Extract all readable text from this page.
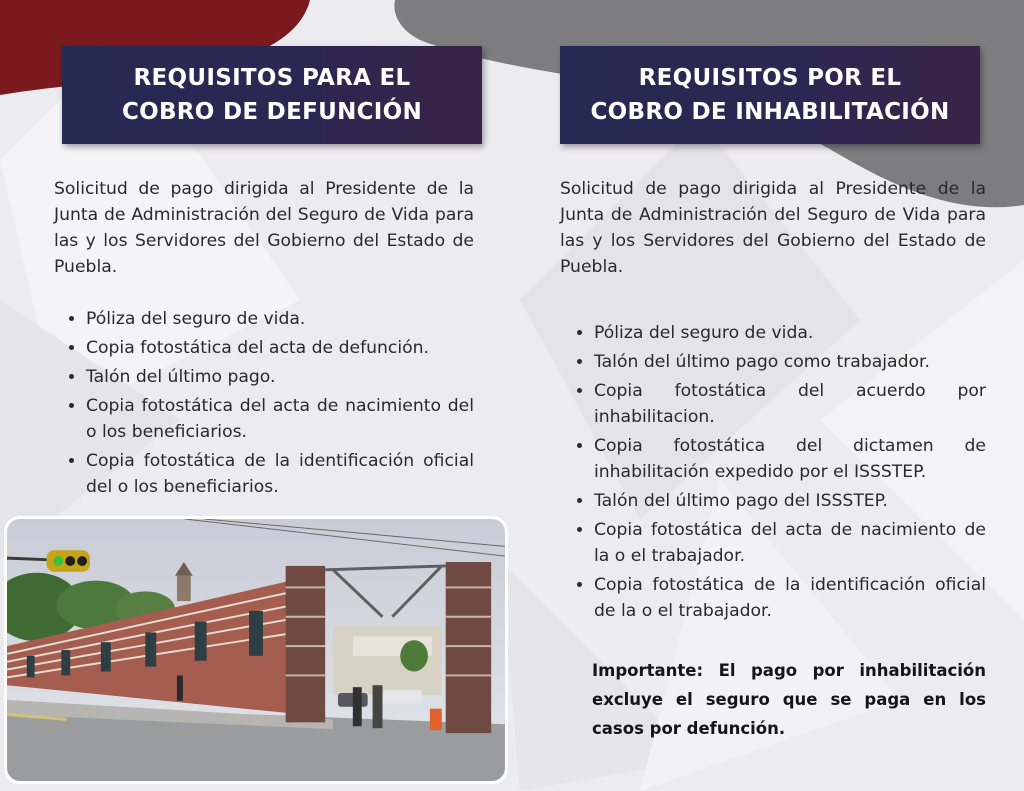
REQUISITOS PARA EL
COBRO DE DEFUNCIÓN

Solicitud de pago dirigida al Presidente de la Junta de Administración del Seguro de Vida para las y los Servidores del Gobierno del Estado de Puebla.

• Póliza del seguro de vida.
• Copia fotostática del acta de defunción.
• Talón del último pago.
• Copia fotostática del acta de nacimiento del o los beneficiarios.
• Copia fotostática de la identificación oficial del o los beneficiarios.
REQUISITOS POR EL
COBRO DE INHABILITACIÓN

Solicitud de pago dirigida al Presidente de la Junta de Administración del Seguro de Vida para las y los Servidores del Gobierno del Estado de Puebla.

• Póliza del seguro de vida.
• Talón del último pago como trabajador.
• Copia fotostática del acuerdo por inhabilitacion.
• Copia fotostática del dictamen de inhabilitación expedido por el ISSSTEP.
• Talón del último pago del ISSSTEP.
• Copia fotostática del acta de nacimiento de la o el trabajador.
• Copia fotostática de la identificación oficial de la o el trabajador.
Importante: El pago por inhabilitación excluye el seguro que se paga en los casos por defunción.
